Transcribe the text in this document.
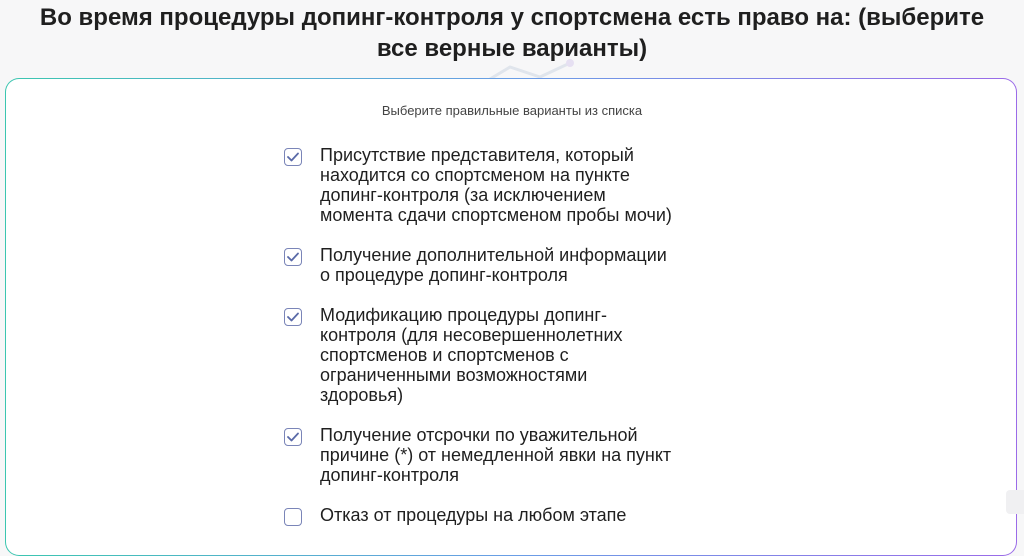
Во время процедуры допинг-контроля у спортсмена есть право на: (выберите
все верные варианты)
Выберите правильные варианты из списка
Присутствие представителя, который
находится со спортсменом на пункте
допинг-контроля (за исключением
момента сдачи спортсменом пробы мочи)
Получение дополнительной информации
о процедуре допинг-контроля
Модификацию процедуры допинг-
контроля (для несовершеннолетних
спортсменов и спортсменов с
ограниченными возможностями
здоровья)
Получение отсрочки по уважительной
причине (*) от немедленной явки на пункт
допинг-контроля
Отказ от процедуры на любом этапе
